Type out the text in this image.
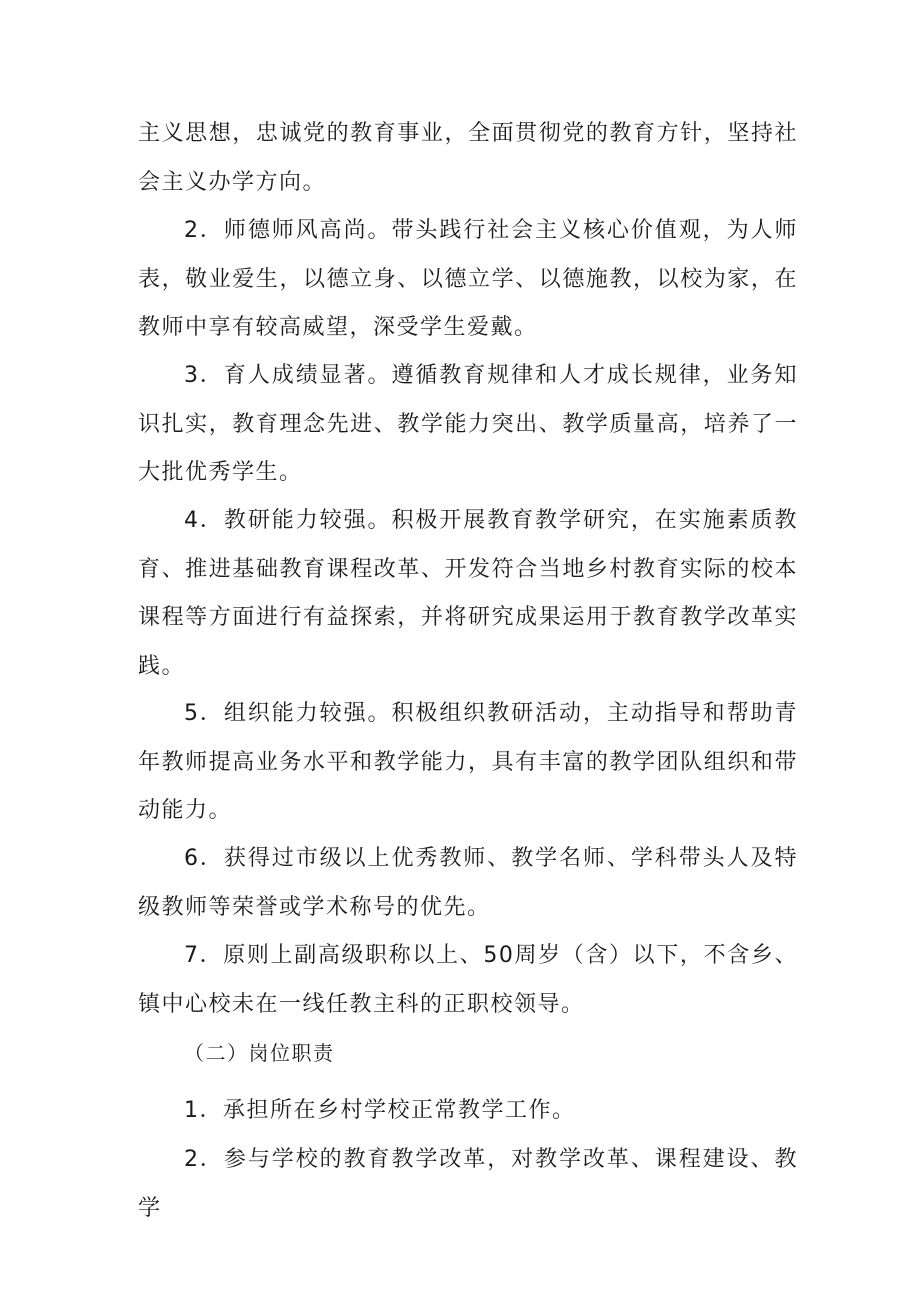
主义思想，忠诚党的教育事业，全面贯彻党的教育方针，坚持社会主义办学方向。

2．师德师风高尚。带头践行社会主义核心价值观，为人师表，敬业爱生，以德立身、以德立学、以德施教，以校为家，在教师中享有较高威望，深受学生爱戴。

3．育人成绩显著。遵循教育规律和人才成长规律，业务知识扎实，教育理念先进、教学能力突出、教学质量高，培养了一大批优秀学生。

4．教研能力较强。积极开展教育教学研究，在实施素质教育、推进基础教育课程改革、开发符合当地乡村教育实际的校本课程等方面进行有益探索，并将研究成果运用于教育教学改革实践。

5．组织能力较强。积极组织教研活动，主动指导和帮助青年教师提高业务水平和教学能力，具有丰富的教学团队组织和带动能力。

6．获得过市级以上优秀教师、教学名师、学科带头人及特级教师等荣誉或学术称号的优先。

7．原则上副高级职称以上、50周岁（含）以下，不含乡、镇中心校未在一线任教主科的正职校领导。

（二）岗位职责

1．承担所在乡村学校正常教学工作。

2．参与学校的教育教学改革，对教学改革、课程建设、教学
